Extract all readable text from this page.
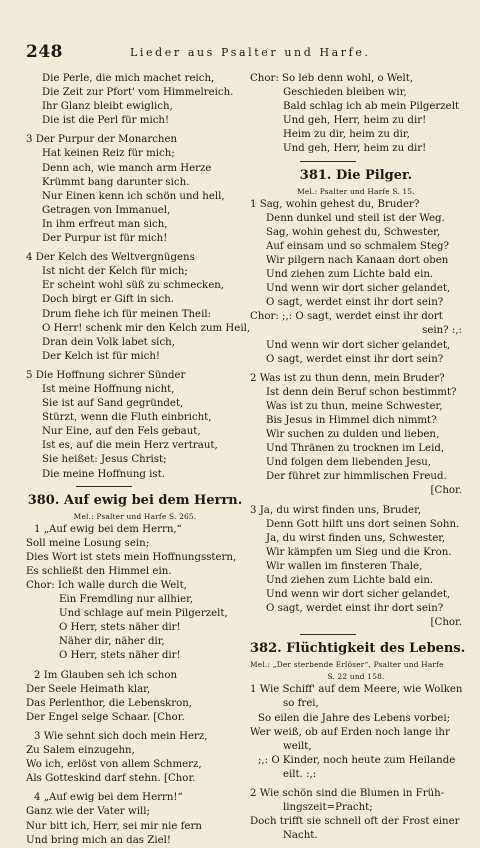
248	Lieder aus Psalter und Harfe.
Die Perle, die mich machet reich,
Die Zeit zur Pfort' vom Himmelreich.
Ihr Glanz bleibt ewiglich,
Die ist die Perl für mich!
3 Der Purpur der Monarchen
Hat keinen Reiz für mich;
Denn ach, wie manch arm Herze
Krümmt bang darunter sich.
Nur Einen kenn ich schön und hell,
Getragen von Immanuel,
In ihm erfreut man sich,
Der Purpur ist für mich!
4 Der Kelch des Weltvergnügens
Ist nicht der Kelch für mich;
Er scheint wohl süß zu schmecken,
Doch birgt er Gift in sich.
Drum flehe ich für meinen Theil:
O Herr! schenk mir den Kelch zum Heil,
Dran dein Volk labet sich,
Der Kelch ist für mich!
5 Die Hoffnung sichrer Sünder
Ist meine Hoffnung nicht,
Sie ist auf Sand gegründet,
Stürzt, wenn die Fluth einbricht,
Nur Eine, auf den Fels gebaut,
Ist es, auf die mein Herz vertraut,
Sie heißet: Jesus Christ;
Die meine Hoffnung ist.
380. Auf ewig bei dem Herrn.
Mel.: Psalter und Harfe S. 265.
1 „Auf ewig bei dem Herrn,“
Soll meine Losung sein;
Dies Wort ist stets mein Hoffnungsstern,
Es schließt den Himmel ein.
Chor: Ich walle durch die Welt,
Ein Fremdling nur allhier,
Und schlage auf mein Pilgerzelt,
O Herr, stets näher dir!
Näher dir, näher dir,
O Herr, stets näher dir!
2 Im Glauben seh ich schon
Der Seele Heimath klar,
Das Perlenthor, die Lebenskron,
Der Engel selge Schaar. [Chor.
3 Wie sehnt sich doch mein Herz,
Zu Salem einzugehn,
Wo ich, erlöst von allem Schmerz,
Als Gotteskind darf stehn. [Chor.
4 „Auf ewig bei dem Herrn!“
Ganz wie der Vater will;
Nur bitt ich, Herr, sei mir nie fern
Und bring mich an das Ziel!
Chor: So leb denn wohl, o Welt,
Geschieden bleiben wir,
Bald schlag ich ab mein Pilgerzelt
Und geh, Herr, heim zu dir!
Heim zu dir, heim zu dir,
Und geh, Herr, heim zu dir!
381. Die Pilger.
Mel.: Psalter und Harfe S. 15.
1 Sag, wohin gehest du, Bruder?
Denn dunkel und steil ist der Weg.
Sag, wohin gehest du, Schwester,
Auf einsam und so schmalem Steg?
Wir pilgern nach Kanaan dort oben
Und ziehen zum Lichte bald ein.
Und wenn wir dort sicher gelandet,
O sagt, werdet einst ihr dort sein?
Chor: ;,: O sagt, werdet einst ihr dort
sein? :,:
Und wenn wir dort sicher gelandet,
O sagt, werdet einst ihr dort sein?
2 Was ist zu thun denn, mein Bruder?
Ist denn dein Beruf schon bestimmt?
Was ist zu thun, meine Schwester,
Bis Jesus in Himmel dich nimmt?
Wir suchen zu dulden und lieben,
Und Thränen zu trocknen im Leid,
Und folgen dem liebenden Jesu,
Der führet zur himmlischen Freud.
[Chor.
3 Ja, du wirst finden uns, Bruder,
Denn Gott hilft uns dort seinen Sohn.
Ja, du wirst finden uns, Schwester,
Wir kämpfen um Sieg und die Kron.
Wir wallen im finsteren Thale,
Und ziehen zum Lichte bald ein.
Und wenn wir dort sicher gelandet,
O sagt, werdet einst ihr dort sein?
[Chor.
382. Flüchtigkeit des Lebens.
Mel.: „Der sterbende Erlöser“, Psalter und Harfe
S. 22 und 158.
1 Wie Schiff' auf dem Meere, wie Wolken
so frei,
So eilen die Jahre des Lebens vorbei;
Wer weiß, ob auf Erden noch lange ihr
weilt,
;,: O Kinder, noch heute zum Heilande
eilt. :,:
2 Wie schön sind die Blumen in Früh-
lingszeit=Pracht;
Doch trifft sie schnell oft der Frost einer
Nacht.
